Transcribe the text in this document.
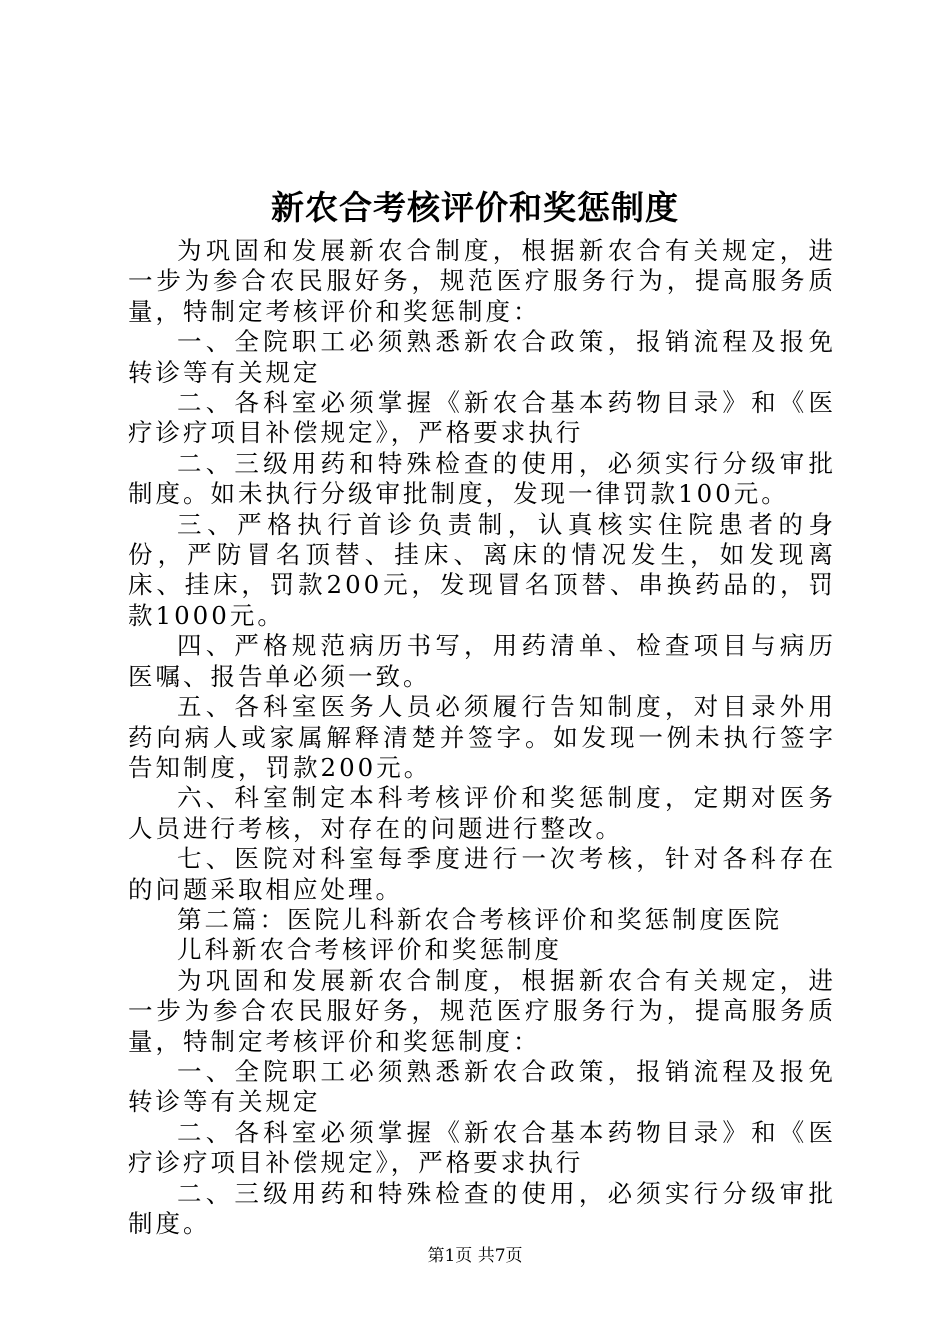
新农合考核评价和奖惩制度

为巩固和发展新农合制度，根据新农合有关规定，进一步为参合农民服好务，规范医疗服务行为，提高服务质量，特制定考核评价和奖惩制度：

一、全院职工必须熟悉新农合政策，报销流程及报免转诊等有关规定

二、各科室必须掌握《新农合基本药物目录》和《医疗诊疗项目补偿规定》，严格要求执行

二、三级用药和特殊检查的使用，必须实行分级审批制度。如未执行分级审批制度，发现一律罚款100元。

三、严格执行首诊负责制，认真核实住院患者的身份，严防冒名顶替、挂床、离床的情况发生，如发现离床、挂床，罚款200元，发现冒名顶替、串换药品的，罚款1000元。

四、严格规范病历书写，用药清单、检查项目与病历医嘱、报告单必须一致。

五、各科室医务人员必须履行告知制度，对目录外用药向病人或家属解释清楚并签字。如发现一例未执行签字告知制度，罚款200元。

六、科室制定本科考核评价和奖惩制度，定期对医务人员进行考核，对存在的问题进行整改。

七、医院对科室每季度进行一次考核，针对各科存在的问题采取相应处理。

第二篇：医院儿科新农合考核评价和奖惩制度医院

儿科新农合考核评价和奖惩制度

为巩固和发展新农合制度，根据新农合有关规定，进一步为参合农民服好务，规范医疗服务行为，提高服务质量，特制定考核评价和奖惩制度：

一、全院职工必须熟悉新农合政策，报销流程及报免转诊等有关规定

二、各科室必须掌握《新农合基本药物目录》和《医疗诊疗项目补偿规定》，严格要求执行

二、三级用药和特殊检查的使用，必须实行分级审批制度。

第1页 共7页
